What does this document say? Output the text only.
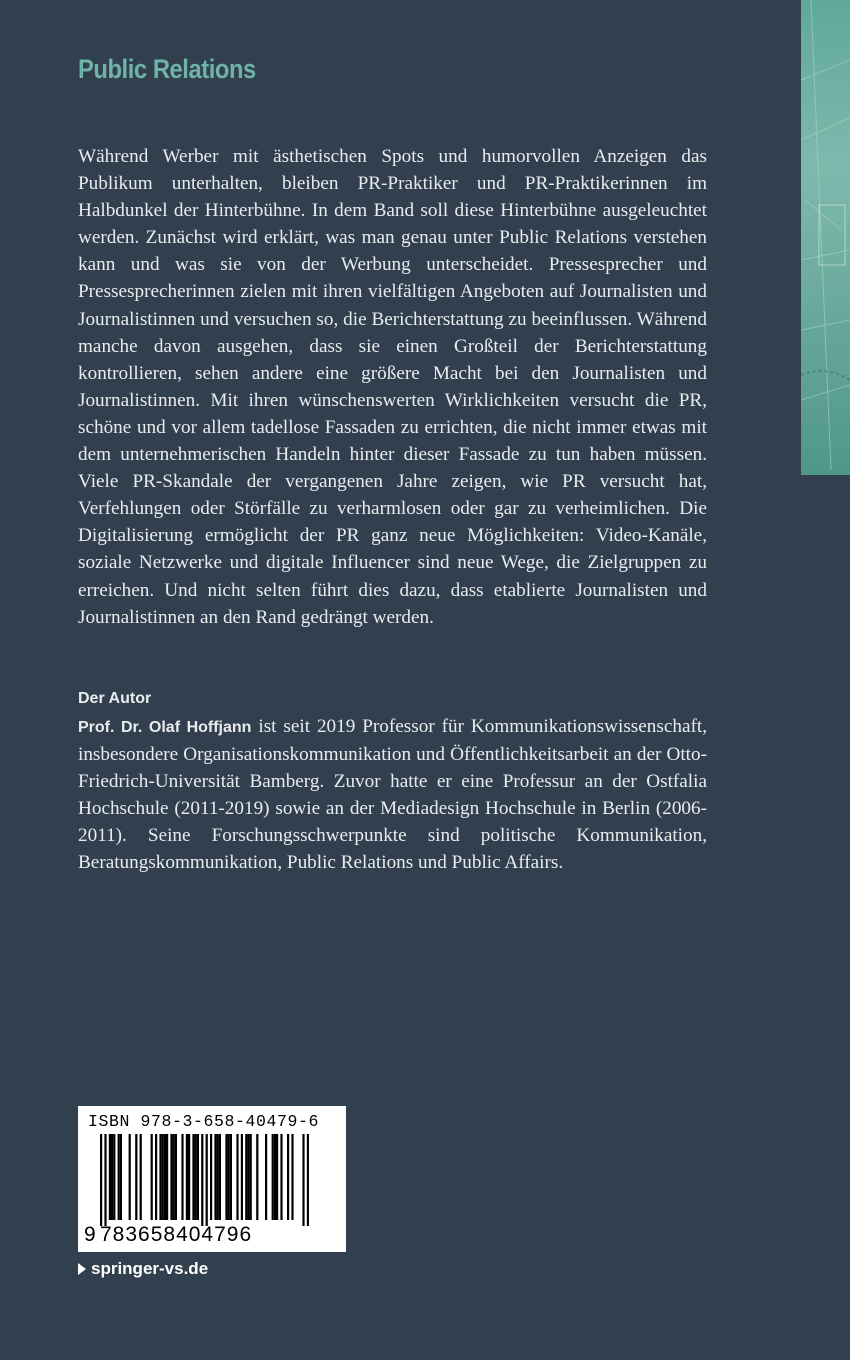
Public Relations

Während Werber mit ästhetischen Spots und humorvollen Anzeigen das Publikum unterhalten, bleiben PR-Praktiker und PR-Praktikerinnen im Halbdunkel der Hinterbühne. In dem Band soll diese Hinterbühne ausgeleuchtet werden. Zunächst wird erklärt, was man genau unter Public Relations verstehen kann und was sie von der Werbung unterscheidet. Pressesprecher und Pressesprecherinnen zielen mit ihren vielfältigen Angeboten auf Journalisten und Journalistinnen und versuchen so, die Berichterstattung zu beeinflussen. Während manche davon ausgehen, dass sie einen Großteil der Berichterstattung kontrollieren, sehen andere eine größere Macht bei den Journalisten und Journalistinnen. Mit ihren wünschenswerten Wirklichkeiten versucht die PR, schöne und vor allem tadellose Fassaden zu errichten, die nicht immer etwas mit dem unternehmerischen Handeln hinter dieser Fassade zu tun haben müssen. Viele PR-Skandale der vergangenen Jahre zeigen, wie PR versucht hat, Verfehlungen oder Störfälle zu verharmlosen oder gar zu verheimlichen. Die Digitalisierung ermöglicht der PR ganz neue Möglichkeiten: Video-Kanäle, soziale Netzwerke und digitale Influencer sind neue Wege, die Zielgruppen zu erreichen. Und nicht selten führt dies dazu, dass etablierte Journalisten und Journalistinnen an den Rand gedrängt werden.

Der Autor

Prof. Dr. Olaf Hoffjann ist seit 2019 Professor für Kommunikationswissenschaft, insbesondere Organisationskommunikation und Öffentlichkeitsarbeit an der Otto-Friedrich-Universität Bamberg. Zuvor hatte er eine Professur an der Ostfalia Hochschule (2011-2019) sowie an der Mediadesign Hochschule in Berlin (2006-2011). Seine Forschungsschwerpunkte sind politische Kommunikation, Beratungskommunikation, Public Relations und Public Affairs.

ISBN 978-3-658-40479-6
9 783658404796
springer-vs.de
